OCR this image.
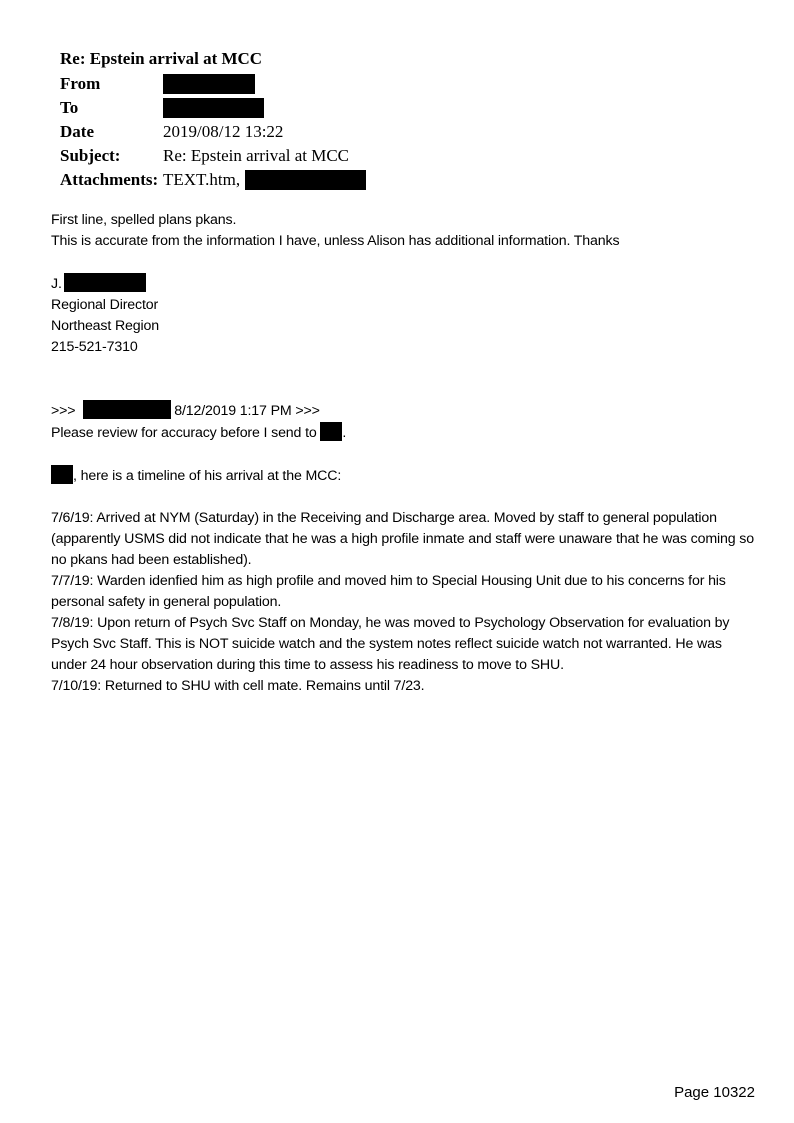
Re: Epstein arrival at MCC
From
To
Date	2019/08/12 13:22
Subject:	Re: Epstein arrival at MCC
Attachments: TEXT.htm,

First line, spelled plans pkans.

This is accurate from the information I have, unless Alison has additional information. Thanks

J.

Regional Director

Northeast Region

215-521-7310

>>>	8/12/2019 1:17 PM >>>

Please review for accuracy before I send to .

, here is a timeline of his arrival at the MCC:

7/6/19: Arrived at NYM (Saturday) in the Receiving and Discharge area. Moved by staff to general population (apparently USMS did not indicate that he was a high profile inmate and staff were unaware that he was coming so no pkans had been established).

7/7/19: Warden idenfied him as high profile and moved him to Special Housing Unit due to his concerns for his personal safety in general population.

7/8/19: Upon return of Psych Svc Staff on Monday, he was moved to Psychology Observation for evaluation by Psych Svc Staff. This is NOT suicide watch and the system notes reflect suicide watch not warranted. He was under 24 hour observation during this time to assess his readiness to move to SHU.

7/10/19: Returned to SHU with cell mate. Remains until 7/23.

Page 10322
